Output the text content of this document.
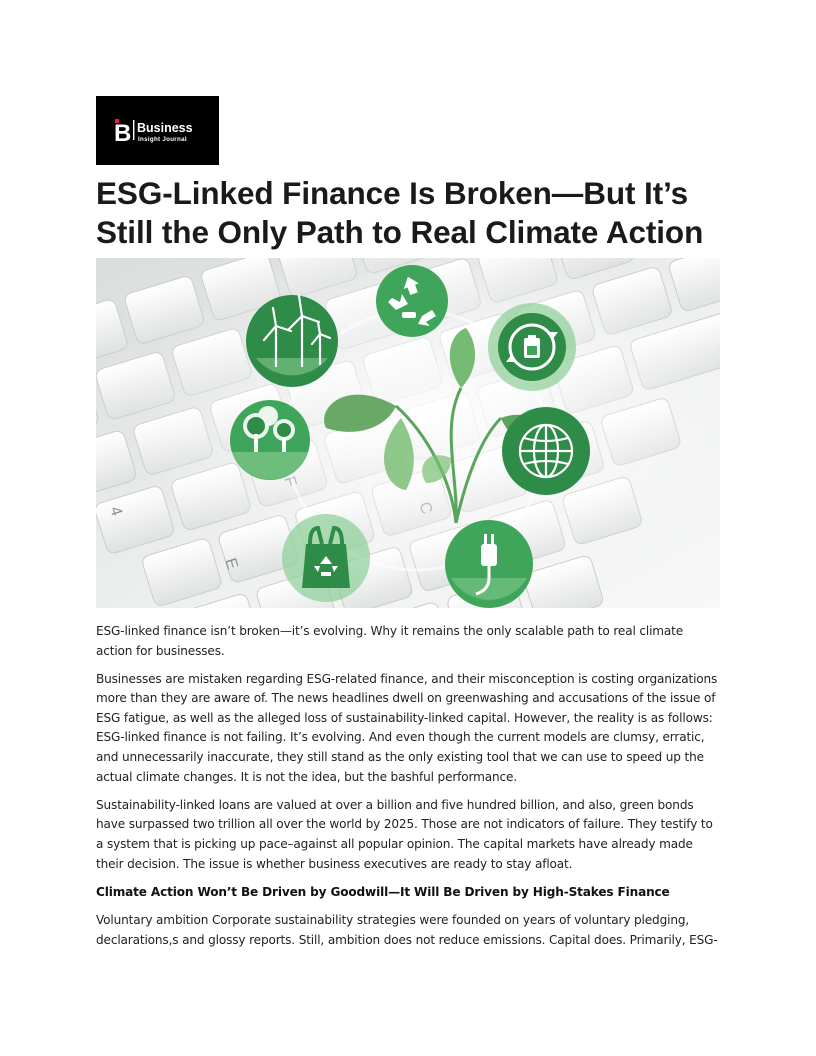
B Business
Insight Journal
ESG-Linked Finance Is Broken—But It’s Still the Only Path to Real Climate Action

ESG-linked finance isn’t broken—it’s evolving. Why it remains the only scalable path to real climate action for businesses.

Businesses are mistaken regarding ESG-related finance, and their misconception is costing organizations more than they are aware of. The news headlines dwell on greenwashing and accusations of the issue of ESG fatigue, as well as the alleged loss of sustainability-linked capital. However, the reality is as follows: ESG-linked finance is not failing. It’s evolving. And even though the current models are clumsy, erratic, and unnecessarily inaccurate, they still stand as the only existing tool that we can use to speed up the actual climate changes. It is not the idea, but the bashful performance.

Sustainability-linked loans are valued at over a billion and five hundred billion, and also, green bonds have surpassed two trillion all over the world by 2025. Those are not indicators of failure. They testify to a system that is picking up pace–against all popular opinion. The capital markets have already made their decision. The issue is whether business executives are ready to stay afloat.

Climate Action Won’t Be Driven by Goodwill—It Will Be Driven by High-Stakes Finance

Voluntary ambition Corporate sustainability strategies were founded on years of voluntary pledging, declarations,s and glossy reports. Still, ambition does not reduce emissions. Capital does. Primarily, ESG-
